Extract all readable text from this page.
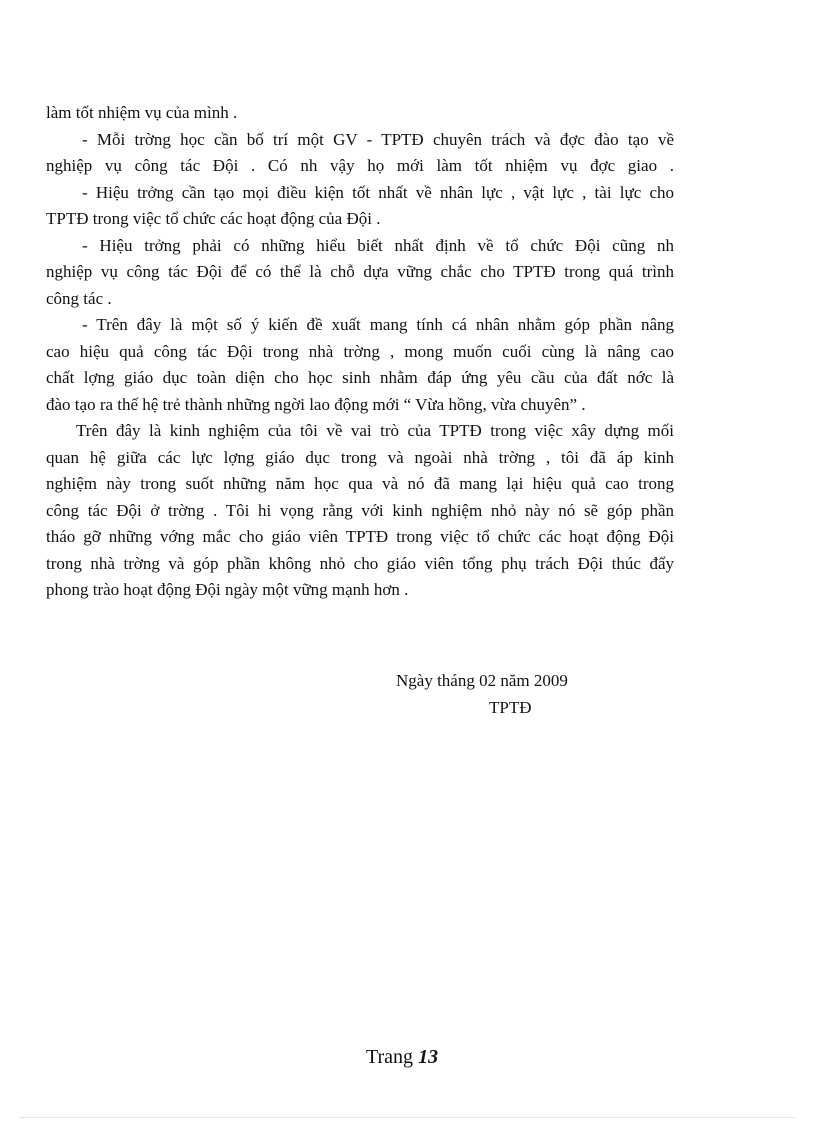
làm tốt nhiệm vụ của mình .
- Mỗi trờng học cần bố trí một GV - TPTĐ chuyên trách và đợc đào tạo về
nghiệp vụ công tác Đội . Có nh vậy họ mới làm tốt nhiệm vụ đợc giao .
- Hiệu trởng cần tạo mọi điều kiện tốt nhất về nhân lực , vật lực , tài lực cho
TPTĐ trong việc tổ chức các hoạt động của Đội .
- Hiệu trởng phải có những hiểu biết nhất định về tổ chức Đội cũng nh
nghiệp vụ công tác Đội để có thể là chỗ dựa vững chắc cho TPTĐ trong quá trình
công tác .
- Trên đây là một số ý kiến đề xuất mang tính cá nhân nhằm góp phần nâng
cao hiệu quả công tác Đội trong nhà trờng , mong muốn cuối cùng là nâng cao
chất lợng giáo dục toàn diện cho học sinh nhằm đáp ứng yêu cầu của đất nớc là
đào tạo ra thế hệ trẻ thành những ngời lao động mới “ Vừa hồng, vừa chuyên” .
Trên đây là kinh nghiệm của tôi về vai trò của TPTĐ trong việc xây dựng mối
quan hệ giữa các lực lợng giáo dục trong và ngoài nhà trờng , tôi đã áp kinh
nghiệm này trong suốt những năm học qua và nó đã mang lại hiệu quả cao trong
công tác Đội ở trờng . Tôi hi vọng rằng với kinh nghiệm nhỏ này nó sẽ góp phần
tháo gỡ những vớng mắc cho giáo viên TPTĐ trong việc tổ chức các hoạt động Đội
trong nhà trờng và góp phần không nhỏ cho giáo viên tổng phụ trách Đội thúc đẩy
phong trào hoạt động Đội ngày một vững mạnh hơn .
Ngày tháng 02 năm 2009
TPTĐ
Trang 13
